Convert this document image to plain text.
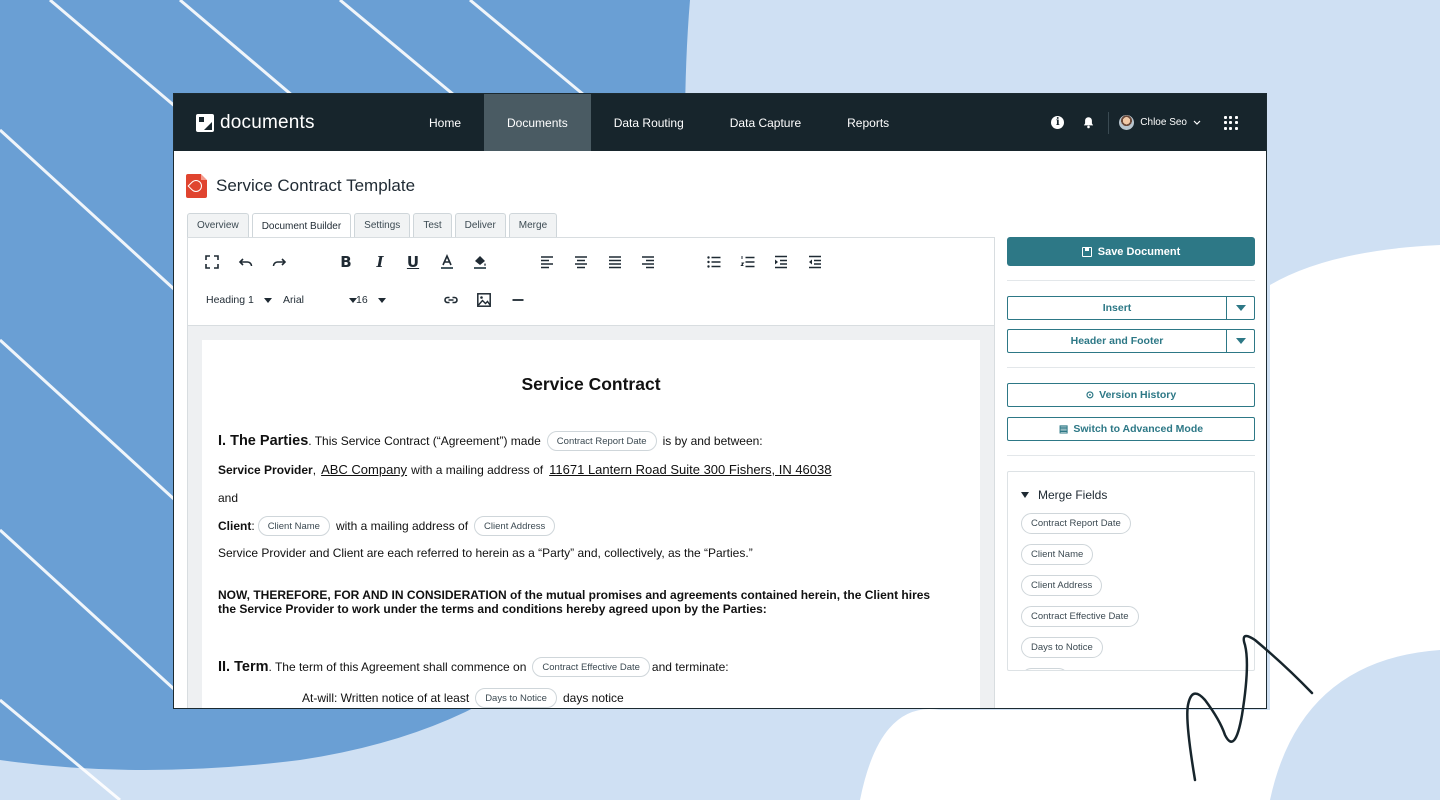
documents	Home	Documents	Data Routing	Data Capture	Reports	i	Chloe Seo
Service Contract Template
Overview	Document Builder	Settings	Test	Deliver	Merge
B	I	U
Heading 1	Arial	16
Service Contract
I. The Parties . This Service Contract (“Agreement”) made	Contract Report Date	is by and between:
Service Provider , ABC Company with a mailing address of 11671 Lantern Road Suite 300 Fishers, IN 46038
and
Client :	Client Name	with a mailing address of	Client Address
Service Provider and Client are each referred to herein as a “Party” and, collectively, as the “Parties.”
NOW, THEREFORE, FOR AND IN CONSIDERATION of the mutual promises and agreements contained herein, the Client hires
the Service Provider to work under the terms and conditions hereby agreed upon by the Parties:
II. Term . The term of this Agreement shall commence on	Contract Effective Date	and terminate:
At-will: Written notice of at least	Days to Notice	days notice
Save Document
Insert
Header and Footer
⊙ Version History
▤ Switch to Advanced Mode
Merge Fields
Contract Report Date
Client Name
Client Address
Contract Effective Date
Days to Notice
